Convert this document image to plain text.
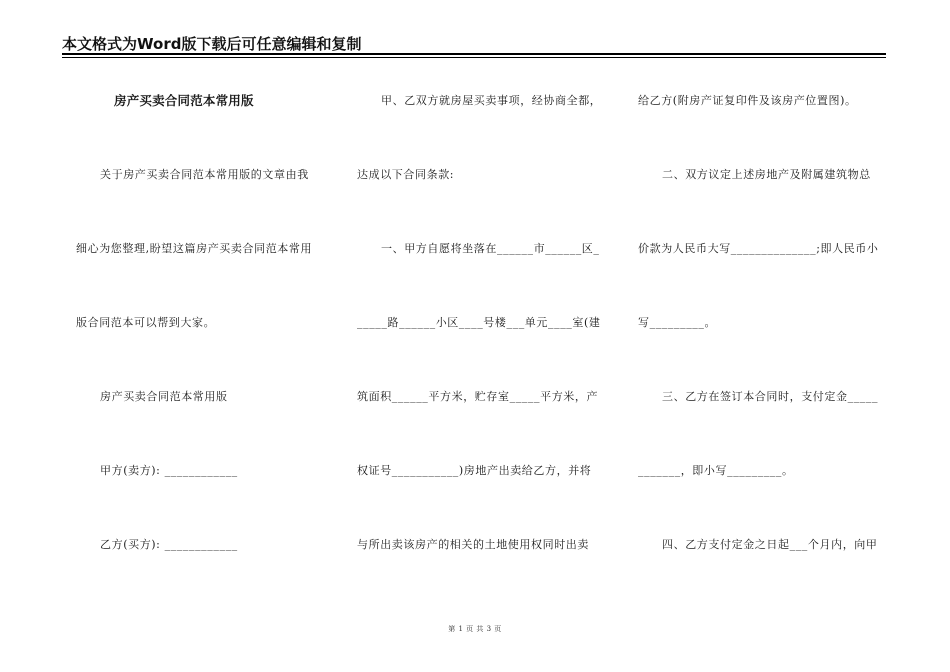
本文格式为Word版下载后可任意编辑和复制

房产买卖合同范本常用版

关于房产买卖合同范本常用版的文章由我

细心为您整理,盼望这篇房产买卖合同范本常用

版合同范本可以帮到大家。

房产买卖合同范本常用版

甲方(卖方): ____________

乙方(买方): ____________

甲、乙双方就房屋买卖事项，经协商全都，

达成以下合同条款:

一、甲方自愿将坐落在______市______区_

_____路______小区____号楼___单元____室(建

筑面积______平方米，贮存室_____平方米，产

权证号___________)房地产出卖给乙方，并将

与所出卖该房产的相关的土地使用权同时出卖

给乙方(附房产证复印件及该房产位置图)。

二、双方议定上述房地产及附属建筑物总

价款为人民币大写______________;即人民币小

写_________。

三、乙方在签订本合同时，支付定金_____

_______，即小写_________。

四、乙方支付定金之日起___个月内，向甲

第 1 页 共 3 页
